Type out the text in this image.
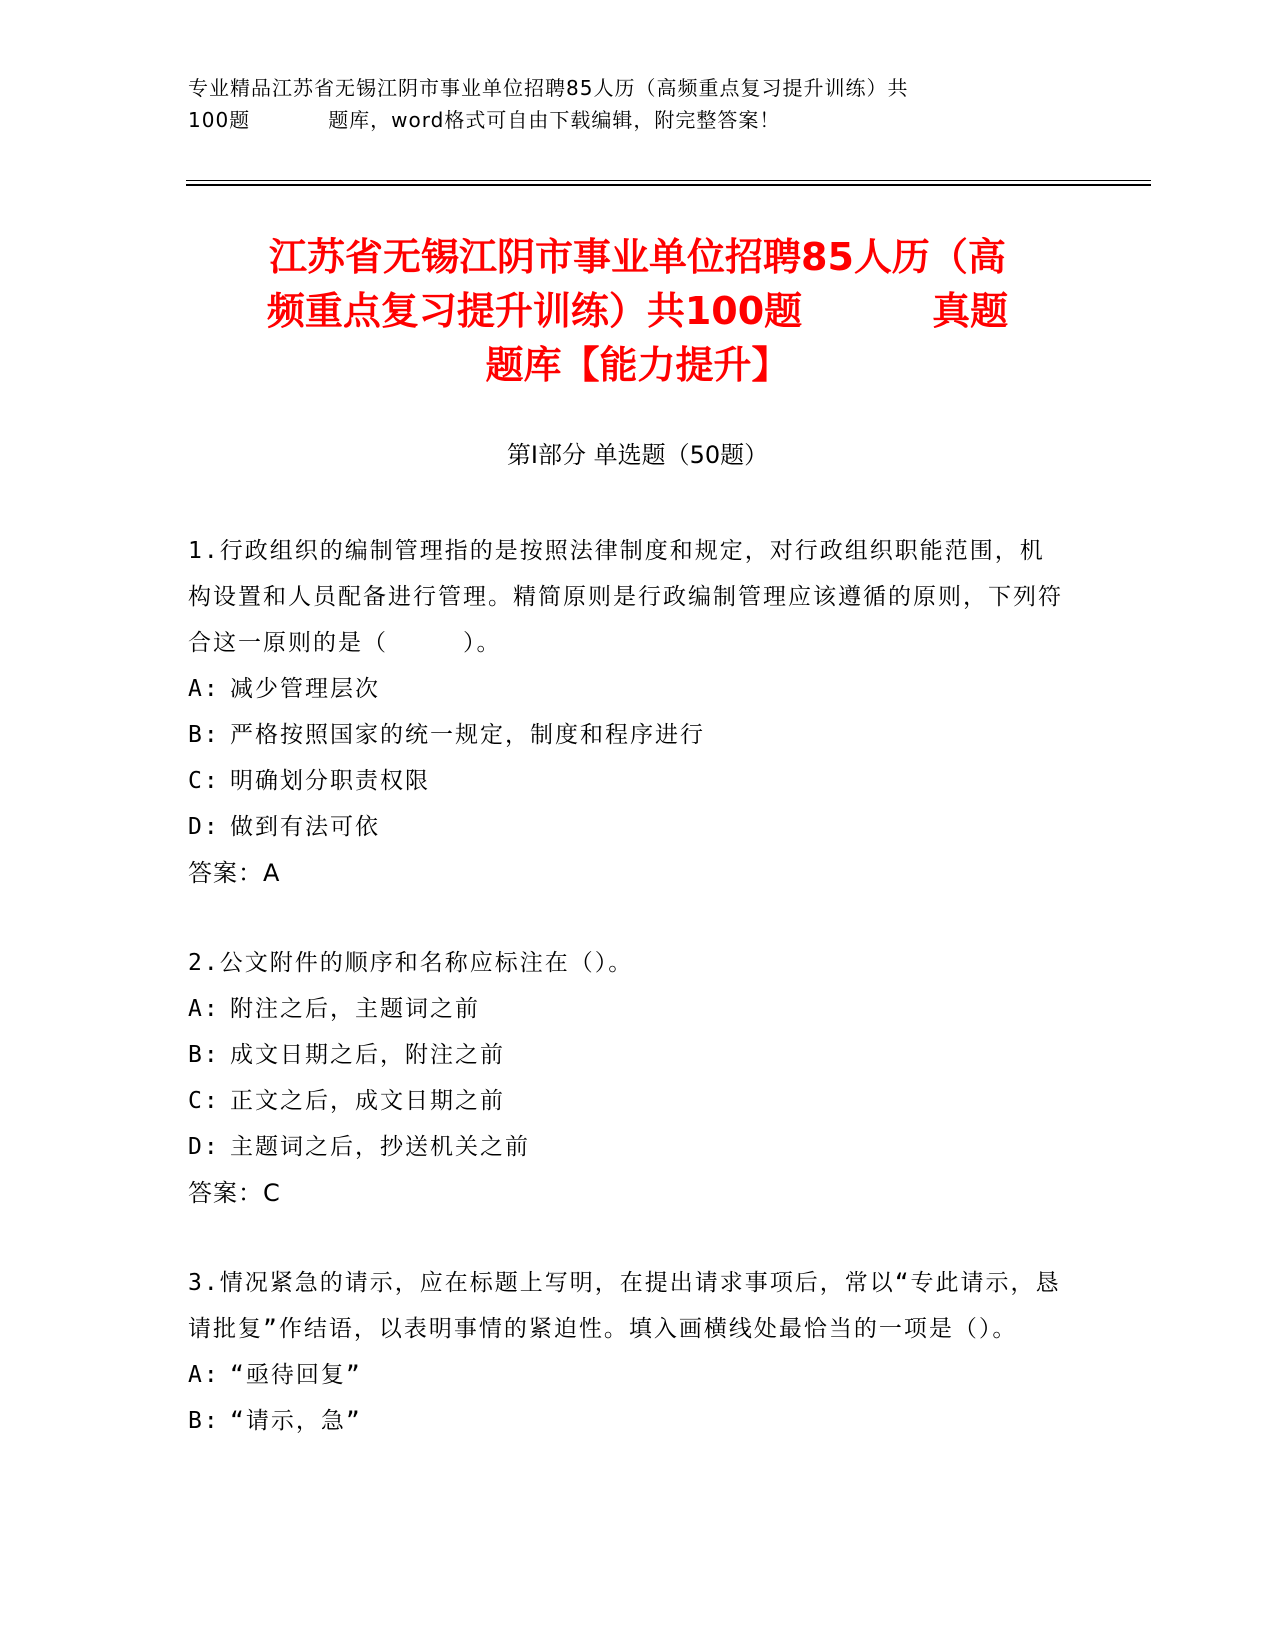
专业精品江苏省无锡江阴市事业单位招聘85人历（高频重点复习提升训练）共
100题	题库，word格式可自由下载编辑，附完整答案！
江苏省无锡江阴市事业单位招聘85人历（高
频重点复习提升训练）共100题	真题
题库【能力提升】
第Ⅰ部分 单选题（50题）
1.行政组织的编制管理指的是按照法律制度和规定，对行政组织职能范围，机构设置和人员配备进行管理。精简原则是行政编制管理应该遵循的原则，下列符合这一原则的是（　　　）。
A: 减少管理层次
B: 严格按照国家的统一规定，制度和程序进行
C: 明确划分职责权限
D: 做到有法可依
答案：A
2.公文附件的顺序和名称应标注在（）。
A: 附注之后，主题词之前
B: 成文日期之后，附注之前
C: 正文之后，成文日期之前
D: 主题词之后，抄送机关之前
答案：C
3.情况紧急的请示，应在标题上写明，在提出请求事项后，常以“专此请示，恳请批复”作结语，以表明事情的紧迫性。填入画横线处最恰当的一项是（）。
A: “亟待回复”
B: “请示，急”
